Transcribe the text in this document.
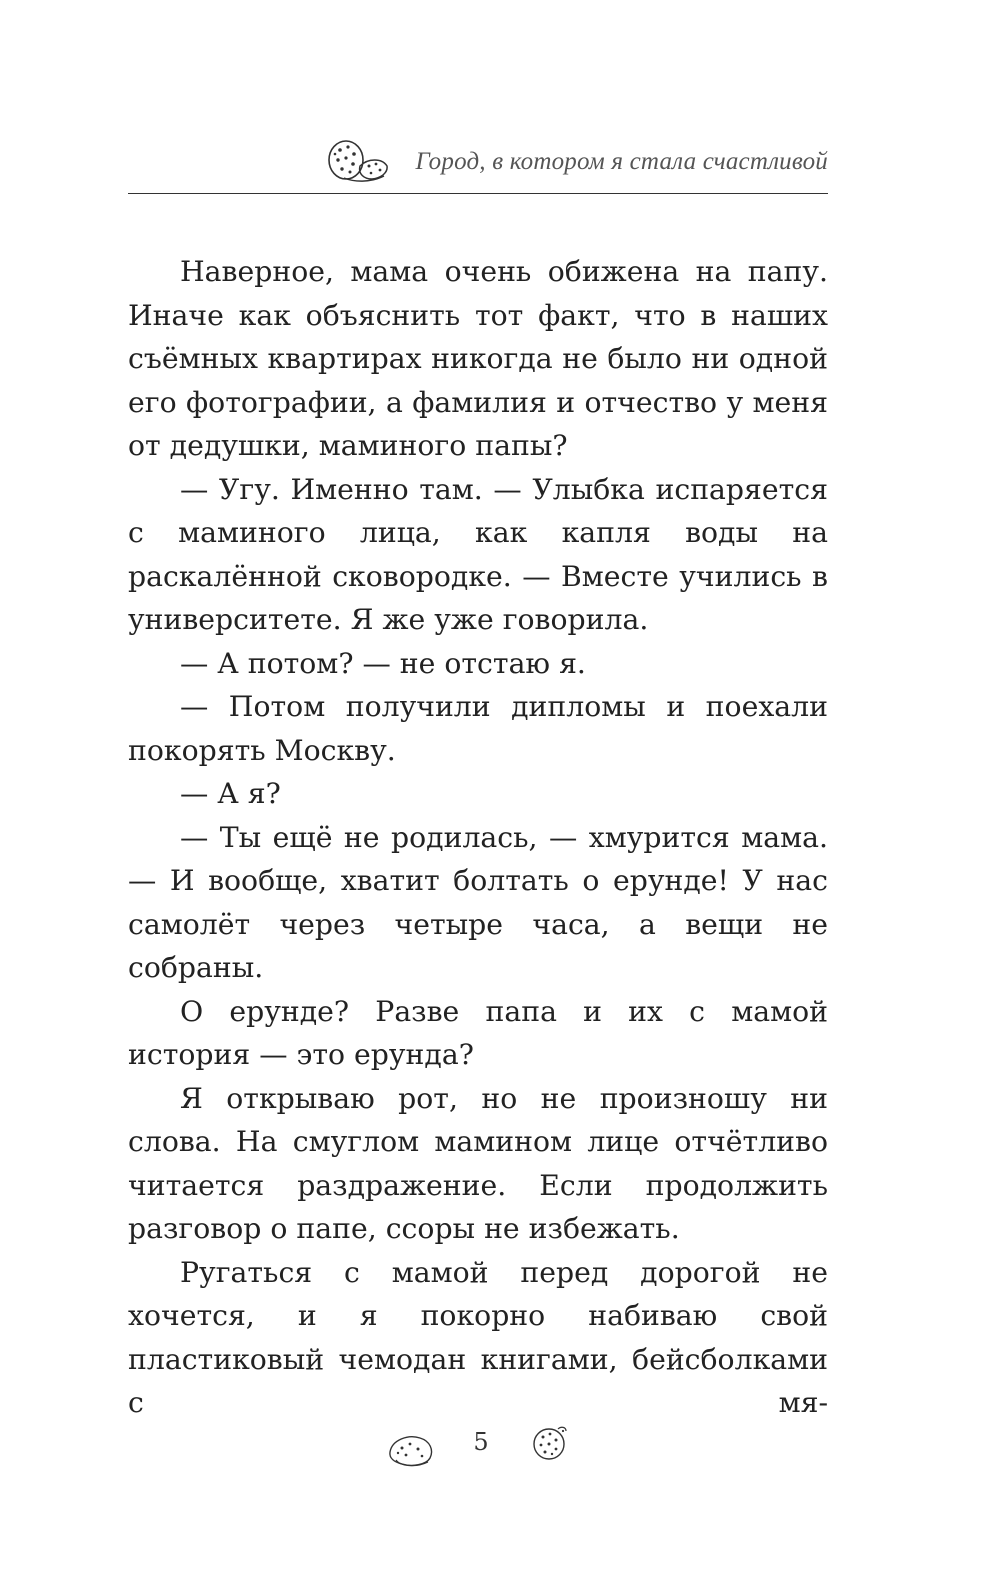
Город, в котором я стала счастливой

Наверное, мама очень обижена на папу. Иначе как объяснить тот факт, что в наших съёмных квартирах никогда не было ни одной его фотографии, а фамилия и отчество у меня от дедушки, маминого папы?

— Угу. Именно там. — Улыбка испаряется с маминого лица, как капля воды на раскалённой сковородке. — Вместе учились в университете. Я же уже говорила.

— А потом? — не отстаю я.

— Потом получили дипломы и поехали покорять Москву.

— А я?

— Ты ещё не родилась, — хмурится мама. — И вообще, хватит болтать о ерунде! У нас самолёт через четыре часа, а вещи не собраны.

О ерунде? Разве папа и их с мамой история — это ерунда?

Я открываю рот, но не произношу ни слова. На смуглом мамином лице отчётливо читается раздражение. Если продолжить разговор о папе, ссоры не избежать.

Ругаться с мамой перед дорогой не хочется, и я покорно набиваю свой пластиковый чемодан книгами, бейсболками с мя-

5
